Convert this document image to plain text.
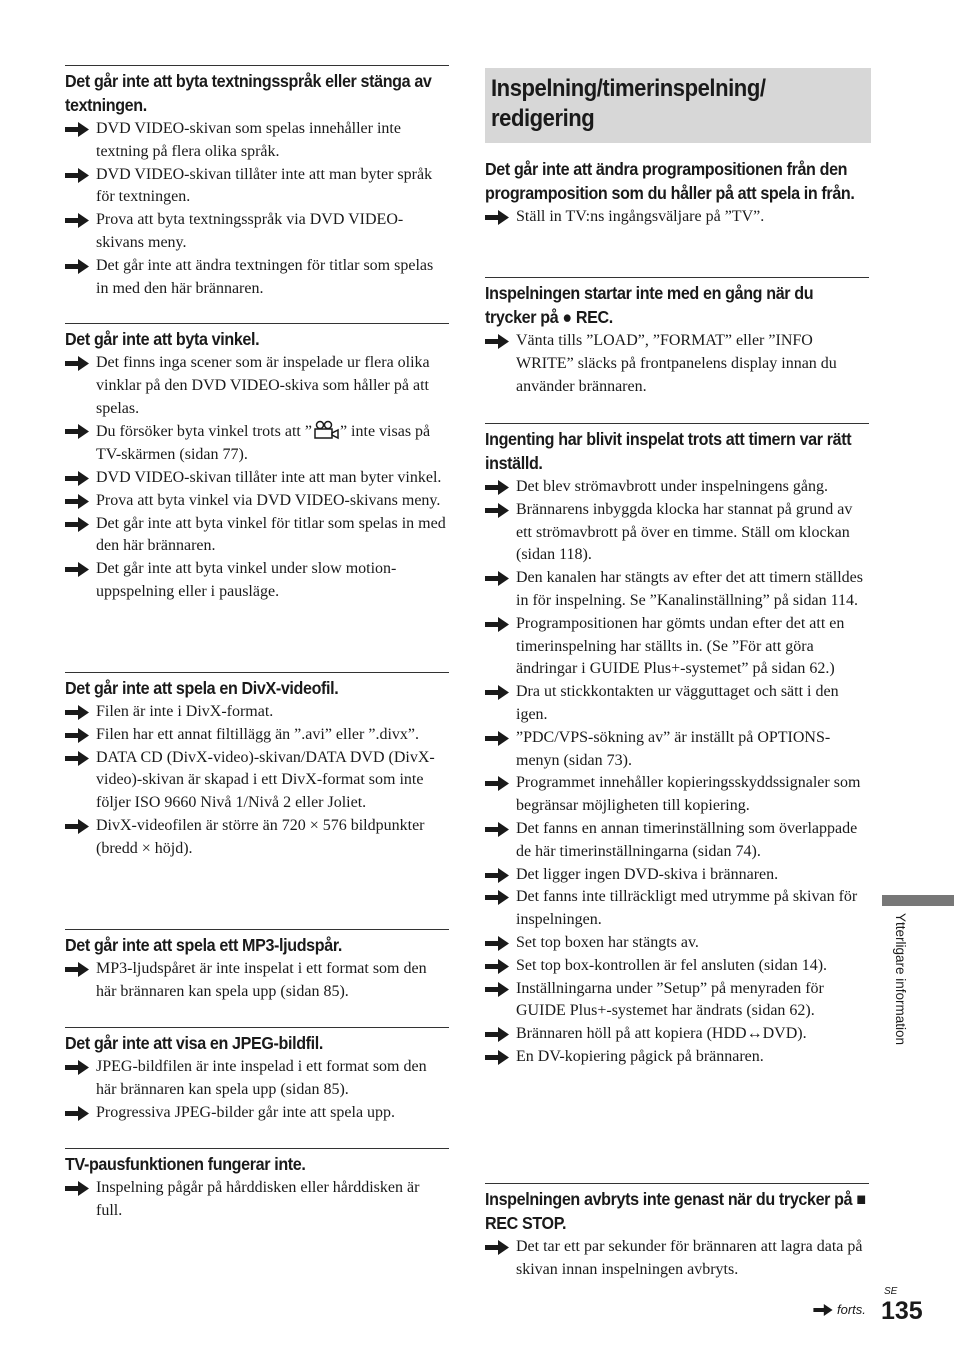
Det går inte att byta textningsspråk eller stänga av textningen.
DVD VIDEO-skivan som spelas innehåller inte textning på flera olika språk.
DVD VIDEO-skivan tillåter inte att man byter språk för textningen.
Prova att byta textningsspråk via DVD VIDEO-skivans meny.
Det går inte att ändra textningen för titlar som spelas in med den här brännaren.
Det går inte att byta vinkel.
Det finns inga scener som är inspelade ur flera olika vinklar på den DVD VIDEO-skiva som håller på att spelas.
Du försöker byta vinkel trots att ” ” inte visas på TV-skärmen (sidan 77).
DVD VIDEO-skivan tillåter inte att man byter vinkel.
Prova att byta vinkel via DVD VIDEO-skivans meny.
Det går inte att byta vinkel för titlar som spelas in med den här brännaren.
Det går inte att byta vinkel under slow motion-uppspelning eller i pausläge.
Det går inte att spela en DivX-videofil.
Filen är inte i DivX-format.
Filen har ett annat filtillägg än ”.avi” eller ”.divx”.
DATA CD (DivX-video)-skivan/DATA DVD (DivX-video)-skivan är skapad i ett DivX-format som inte följer ISO 9660 Nivå 1/Nivå 2 eller Joliet.
DivX-videofilen är större än 720 × 576 bildpunkter (bredd × höjd).
Det går inte att spela ett MP3-ljudspår.
MP3-ljudspåret är inte inspelat i ett format som den här brännaren kan spela upp (sidan 85).
Det går inte att visa en JPEG-bildfil.
JPEG-bildfilen är inte inspelad i ett format som den här brännaren kan spela upp (sidan 85).
Progressiva JPEG-bilder går inte att spela upp.
TV-pausfunktionen fungerar inte.
Inspelning pågår på hårddisken eller hårddisken är full.
Inspelning/timerinspelning/ redigering
Det går inte att ändra programpositionen från den programposition som du håller på att spela in från.
Ställ in TV:ns ingångsväljare på ”TV”.
Inspelningen startar inte med en gång när du trycker på ● REC.
Vänta tills ”LOAD”, ”FORMAT” eller ”INFO WRITE” släcks på frontpanelens display innan du använder brännaren.
Ingenting har blivit inspelat trots att timern var rätt inställd.
Det blev strömavbrott under inspelningens gång.
Brännarens inbyggda klocka har stannat på grund av ett strömavbrott på över en timme. Ställ om klockan (sidan 118).
Den kanalen har stängts av efter det att timern ställdes in för inspelning. Se ”Kanalinställning” på sidan 114.
Programpositionen har gömts undan efter det att en timerinspelning har ställts in. (Se ”För att göra ändringar i GUIDE Plus+-systemet” på sidan 62.)
Dra ut stickkontakten ur vägguttaget och sätt i den igen.
”PDC/VPS-sökning av” är inställt på OPTIONS-menyn (sidan 73).
Programmet innehåller kopieringsskyddssignaler som begränsar möjligheten till kopiering.
Det fanns en annan timerinställning som överlappade de här timerinställningarna (sidan 74).
Det ligger ingen DVD-skiva i brännaren.
Det fanns inte tillräckligt med utrymme på skivan för inspelningen.
Set top boxen har stängts av.
Set top box-kontrollen är fel ansluten (sidan 14).
Inställningarna under ”Setup” på menyraden för GUIDE Plus+-systemet har ändrats (sidan 62).
Brännaren höll på att kopiera (HDD↔DVD).
En DV-kopiering pågick på brännaren.
Inspelningen avbryts inte genast när du trycker på ■ REC STOP.
Det tar ett par sekunder för brännaren att lagra data på skivan innan inspelningen avbryts.
Ytterligare information
SE
forts. 135
